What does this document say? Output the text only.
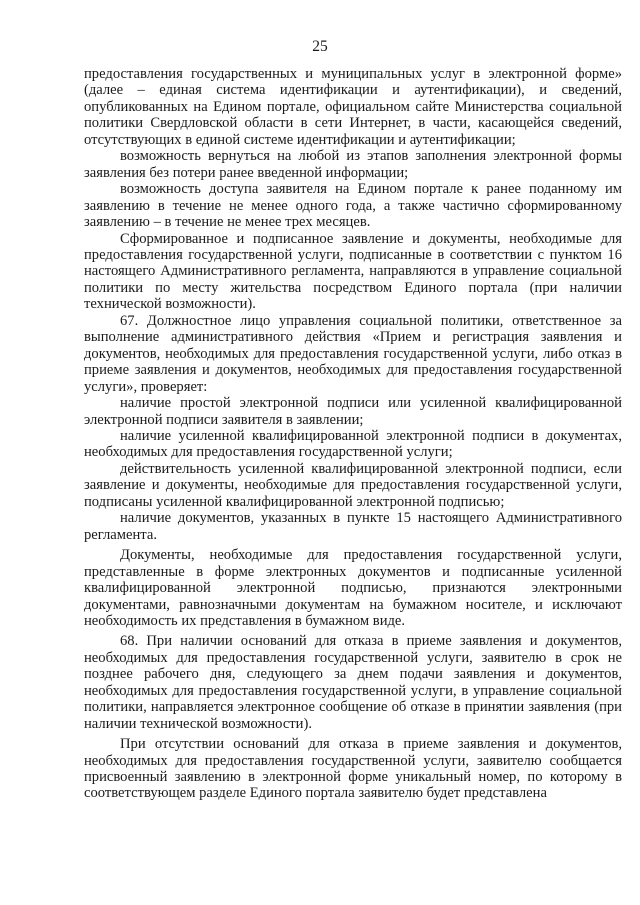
25

предоставления государственных и муниципальных услуг в электронной форме» (далее – единая система идентификации и аутентификации), и сведений, опубликованных на Едином портале, официальном сайте Министерства социальной политики Свердловской области в сети Интернет, в части, касающейся сведений, отсутствующих в единой системе идентификации и аутентификации;

возможность вернуться на любой из этапов заполнения электронной формы заявления без потери ранее введенной информации;

возможность доступа заявителя на Едином портале к ранее поданному им заявлению в течение не менее одного года, а также частично сформированному заявлению – в течение не менее трех месяцев.

Сформированное и подписанное заявление и документы, необходимые для предоставления государственной услуги, подписанные в соответствии с пунктом 16 настоящего Административного регламента, направляются в управление социальной политики по месту жительства посредством Единого портала (при наличии технической возможности).

67. Должностное лицо управления социальной политики, ответственное за выполнение административного действия «Прием и регистрация заявления и документов, необходимых для предоставления государственной услуги, либо отказ в приеме заявления и документов, необходимых для предоставления государственной услуги», проверяет:

наличие простой электронной подписи или усиленной квалифицированной электронной подписи заявителя в заявлении;

наличие усиленной квалифицированной электронной подписи в документах, необходимых для предоставления государственной услуги;

действительность усиленной квалифицированной электронной подписи, если заявление и документы, необходимые для предоставления государственной услуги, подписаны усиленной квалифицированной электронной подписью;

наличие документов, указанных в пункте 15 настоящего Административного регламента.

Документы, необходимые для предоставления государственной услуги, представленные в форме электронных документов и подписанные усиленной квалифицированной электронной подписью, признаются электронными документами, равнозначными документам на бумажном носителе, и исключают необходимость их представления в бумажном виде.

68. При наличии оснований для отказа в приеме заявления и документов, необходимых для предоставления государственной услуги, заявителю в срок не позднее рабочего дня, следующего за днем подачи заявления и документов, необходимых для предоставления государственной услуги, в управление социальной политики, направляется электронное сообщение об отказе в принятии заявления (при наличии технической возможности).

При отсутствии оснований для отказа в приеме заявления и документов, необходимых для предоставления государственной услуги, заявителю сообщается присвоенный заявлению в электронной форме уникальный номер, по которому в соответствующем разделе Единого портала заявителю будет представлена
